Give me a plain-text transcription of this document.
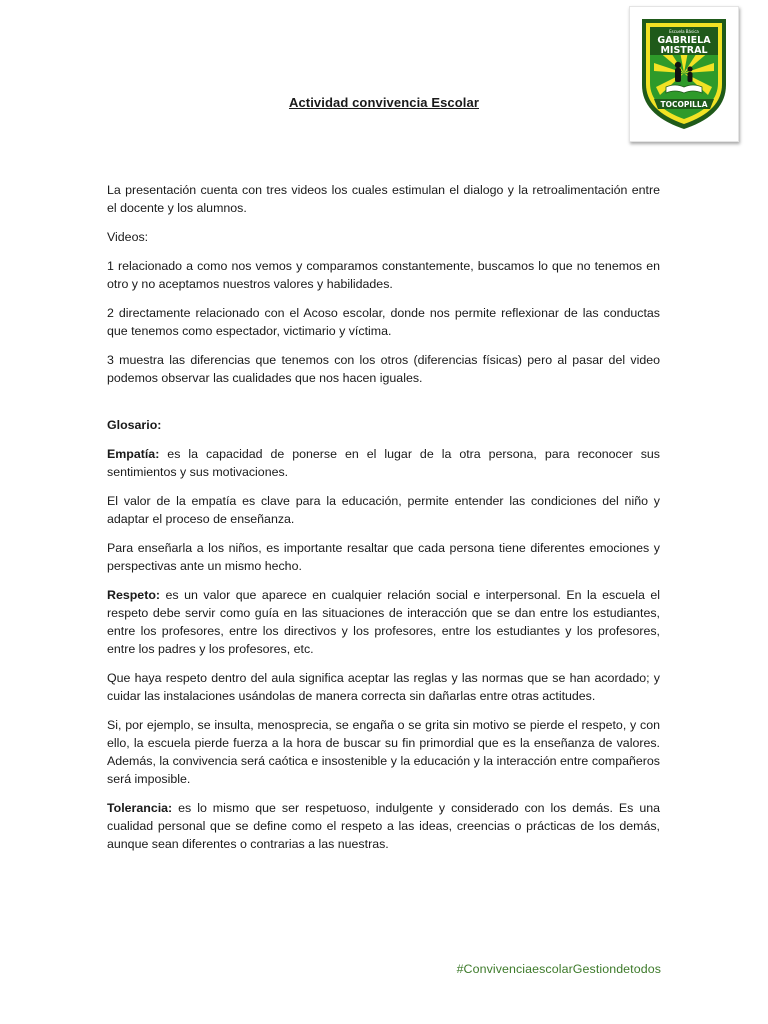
Escuela Básica
GABRIELA
MISTRAL
TOCOPILLA
Actividad convivencia Escolar

La presentación cuenta con tres videos los cuales estimulan el dialogo y la retroalimentación entre el docente y los alumnos.

Videos:

1 relacionado a como nos vemos y comparamos constantemente, buscamos lo que no tenemos en otro y no aceptamos nuestros valores y habilidades.

2 directamente relacionado con el Acoso escolar, donde nos permite reflexionar de las conductas que tenemos como espectador, victimario y víctima.

3 muestra las diferencias que tenemos con los otros (diferencias físicas) pero al pasar del video podemos observar las cualidades que nos hacen iguales.

Glosario:

Empatía: es la capacidad de ponerse en el lugar de la otra persona, para reconocer sus sentimientos y sus motivaciones.

El valor de la empatía es clave para la educación, permite entender las condiciones del niño y adaptar el proceso de enseñanza.

Para enseñarla a los niños, es importante resaltar que cada persona tiene diferentes emociones y perspectivas ante un mismo hecho.

Respeto: es un valor que aparece en cualquier relación social e interpersonal. En la escuela el respeto debe servir como guía en las situaciones de interacción que se dan entre los estudiantes, entre los profesores, entre los directivos y los profesores, entre los estudiantes y los profesores, entre los padres y los profesores, etc.

Que haya respeto dentro del aula significa aceptar las reglas y las normas que se han acordado; y cuidar las instalaciones usándolas de manera correcta sin dañarlas entre otras actitudes.

Si, por ejemplo, se insulta, menosprecia, se engaña o se grita sin motivo se pierde el respeto, y con ello, la escuela pierde fuerza a la hora de buscar su fin primordial que es la enseñanza de valores. Además, la convivencia será caótica e insostenible y la educación y la interacción entre compañeros será imposible.

Tolerancia: es lo mismo que ser respetuoso, indulgente y considerado con los demás. Es una cualidad personal que se define como el respeto a las ideas, creencias o prácticas de los demás, aunque sean diferentes o contrarias a las nuestras.

#ConvivenciaescolarGestiondetodos
